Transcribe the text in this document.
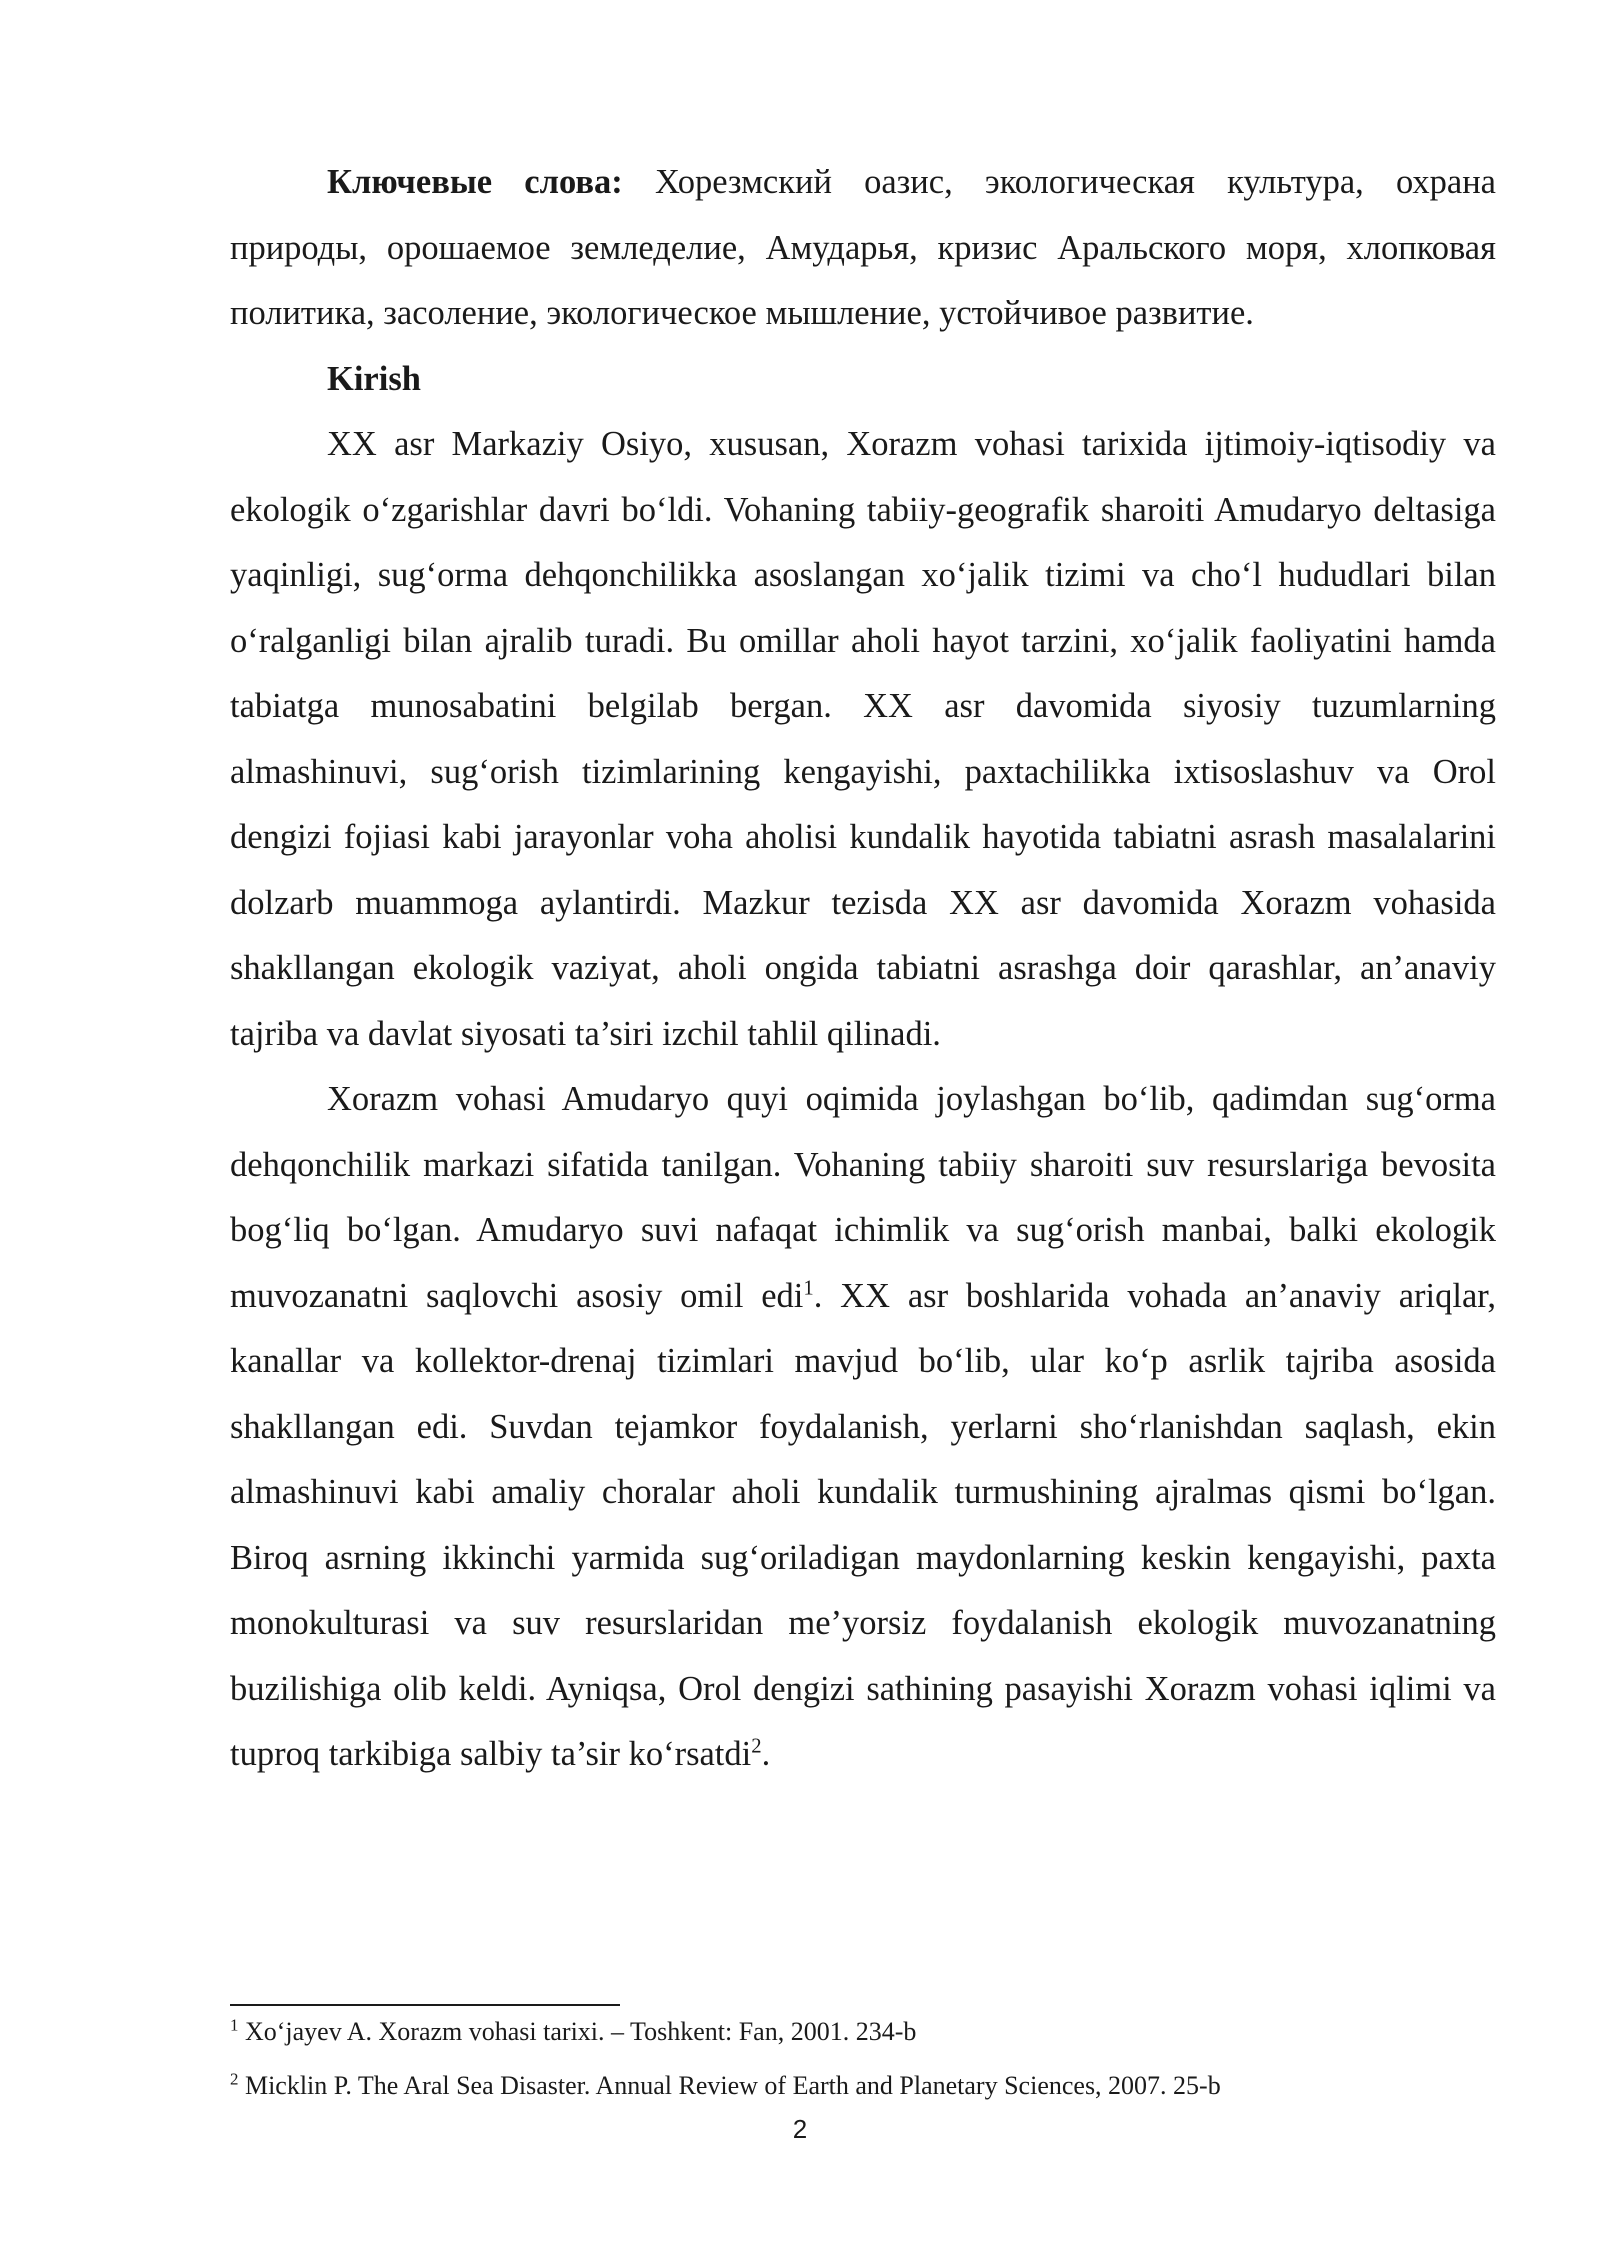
Ключевые слова: Хорезмский оазис, экологическая культура, охрана природы, орошаемое земледелие, Амударья, кризис Аральского моря, хлопковая политика, засоление, экологическое мышление, устойчивое развитие.

Kirish

XX asr Markaziy Osiyo, xususan, Xorazm vohasi tarixida ijtimoiy-iqtisodiy va ekologik o‘zgarishlar davri bo‘ldi. Vohaning tabiiy-geografik sharoiti Amudaryo deltasiga yaqinligi, sug‘orma dehqonchilikka asoslangan xo‘jalik tizimi va cho‘l hududlari bilan o‘ralganligi bilan ajralib turadi. Bu omillar aholi hayot tarzini, xo‘jalik faoliyatini hamda tabiatga munosabatini belgilab bergan. XX asr davomida siyosiy tuzumlarning almashinuvi, sug‘orish tizimlarining kengayishi, paxtachilikka ixtisoslashuv va Orol dengizi fojiasi kabi jarayonlar voha aholisi kundalik hayotida tabiatni asrash masalalarini dolzarb muammoga aylantirdi. Mazkur tezisda XX asr davomida Xorazm vohasida shakllangan ekologik vaziyat, aholi ongida tabiatni asrashga doir qarashlar, an’anaviy tajriba va davlat siyosati ta’siri izchil tahlil qilinadi.

Xorazm vohasi Amudaryo quyi oqimida joylashgan bo‘lib, qadimdan sug‘orma dehqonchilik markazi sifatida tanilgan. Vohaning tabiiy sharoiti suv resurslariga bevosita bog‘liq bo‘lgan. Amudaryo suvi nafaqat ichimlik va sug‘orish manbai, balki ekologik muvozanatni saqlovchi asosiy omil edi$^1$. XX asr boshlarida vohada an’anaviy ariqlar, kanallar va kollektor-drenaj tizimlari mavjud bo‘lib, ular ko‘p asrlik tajriba asosida shakllangan edi. Suvdan tejamkor foydalanish, yerlarni sho‘rlanishdan saqlash, ekin almashinuvi kabi amaliy choralar aholi kundalik turmushining ajralmas qismi bo‘lgan. Biroq asrning ikkinchi yarmida sug‘oriladigan maydonlarning keskin kengayishi, paxta monokulturasi va suv resurslaridan me’yorsiz foydalanish ekologik muvozanatning buzilishiga olib keldi. Ayniqsa, Orol dengizi sathining pasayishi Xorazm vohasi iqlimi va tuproq tarkibiga salbiy ta’sir ko‘rsatdi$^2$.

$^1$ Xo‘jayev A. Xorazm vohasi tarixi. – Toshkent: Fan, 2001. 234-b

$^2$ Micklin P. The Aral Sea Disaster. Annual Review of Earth and Planetary Sciences, 2007. 25-b

2
